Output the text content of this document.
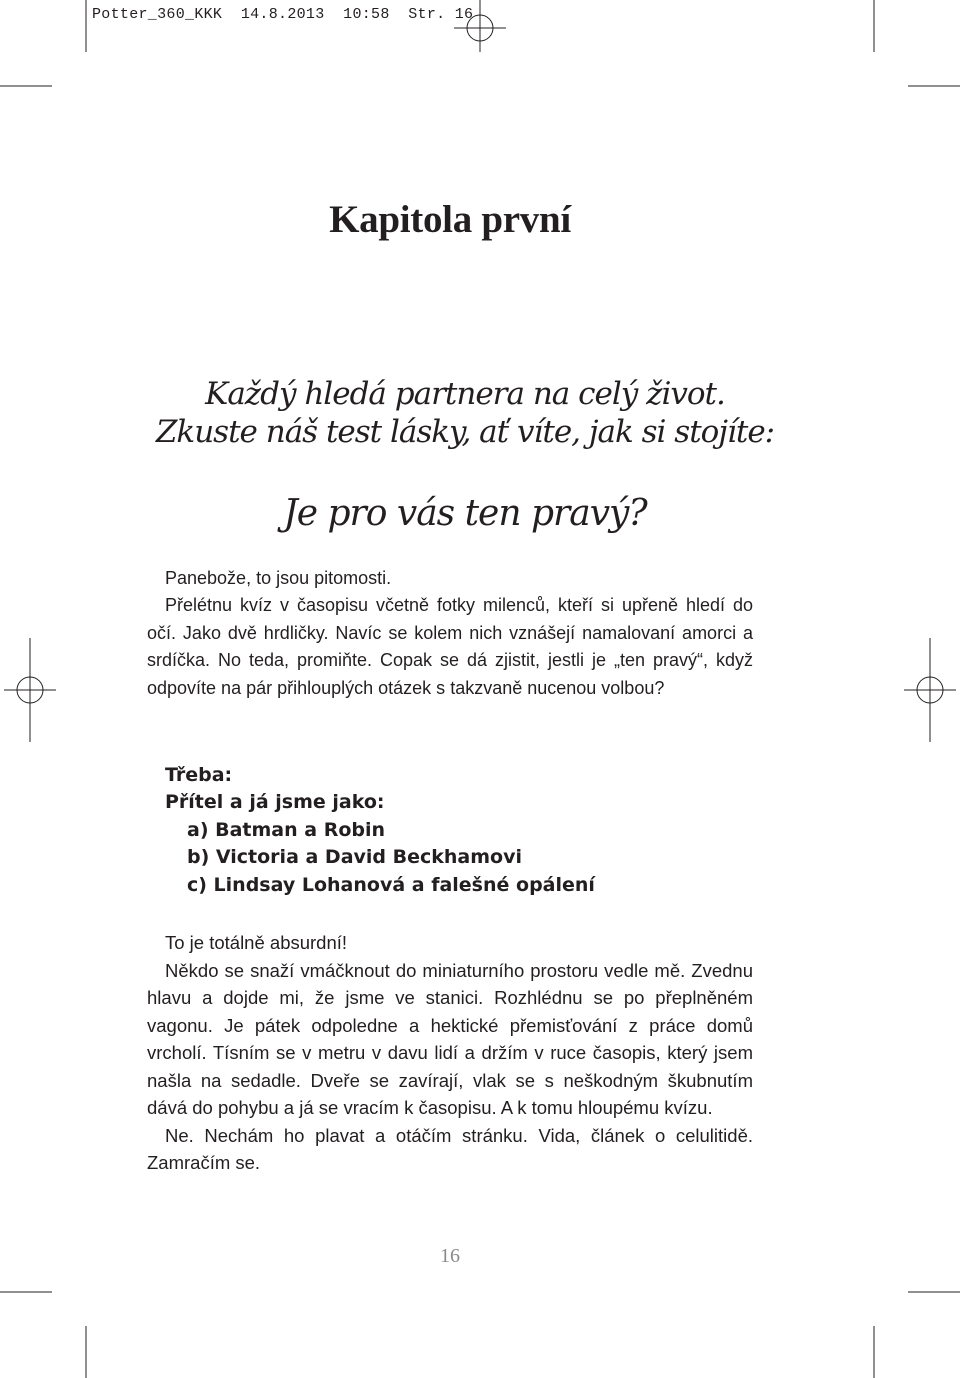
Potter_360_KKK  14.8.2013  10:58  Str. 16
Kapitola první

Každý hledá partnera na celý život.

Zkuste náš test lásky, ať víte, jak si stojíte:

Je pro vás ten pravý?

Panebože, to jsou pitomosti.
Přelétnu kvíz v časopisu včetně fotky milenců, kteří si upřeně hledí do očí. Jako dvě hrdličky. Navíc se kolem nich vznášejí namalovaní amorci a srdíčka. No teda, promiňte. Copak se dá zjistit, jestli je „ten pravý“, když odpovíte na pár přihlouplých otázek s takzvaně nucenou volbou?
Třeba:
Přítel a já jsme jako:
a) Batman a Robin
b) Victoria a David Beckhamovi
c) Lindsay Lohanová a falešné opálení
To je totálně absurdní!
Někdo se snaží vmáčknout do miniaturního prostoru vedle mě. Zvednu hlavu a dojde mi, že jsme ve stanici. Rozhlédnu se po přeplněném vagonu. Je pátek odpoledne a hektické přemisťování z práce domů vrcholí. Tísním se v metru v davu lidí a držím v ruce časopis, který jsem našla na sedadle. Dveře se zavírají, vlak se s neškodným škubnutím dává do pohybu a já se vracím k časopisu. A k tomu hloupému kvízu.
Ne. Nechám ho plavat a otáčím stránku. Vida, článek o celulitidě. Zamračím se.

16
